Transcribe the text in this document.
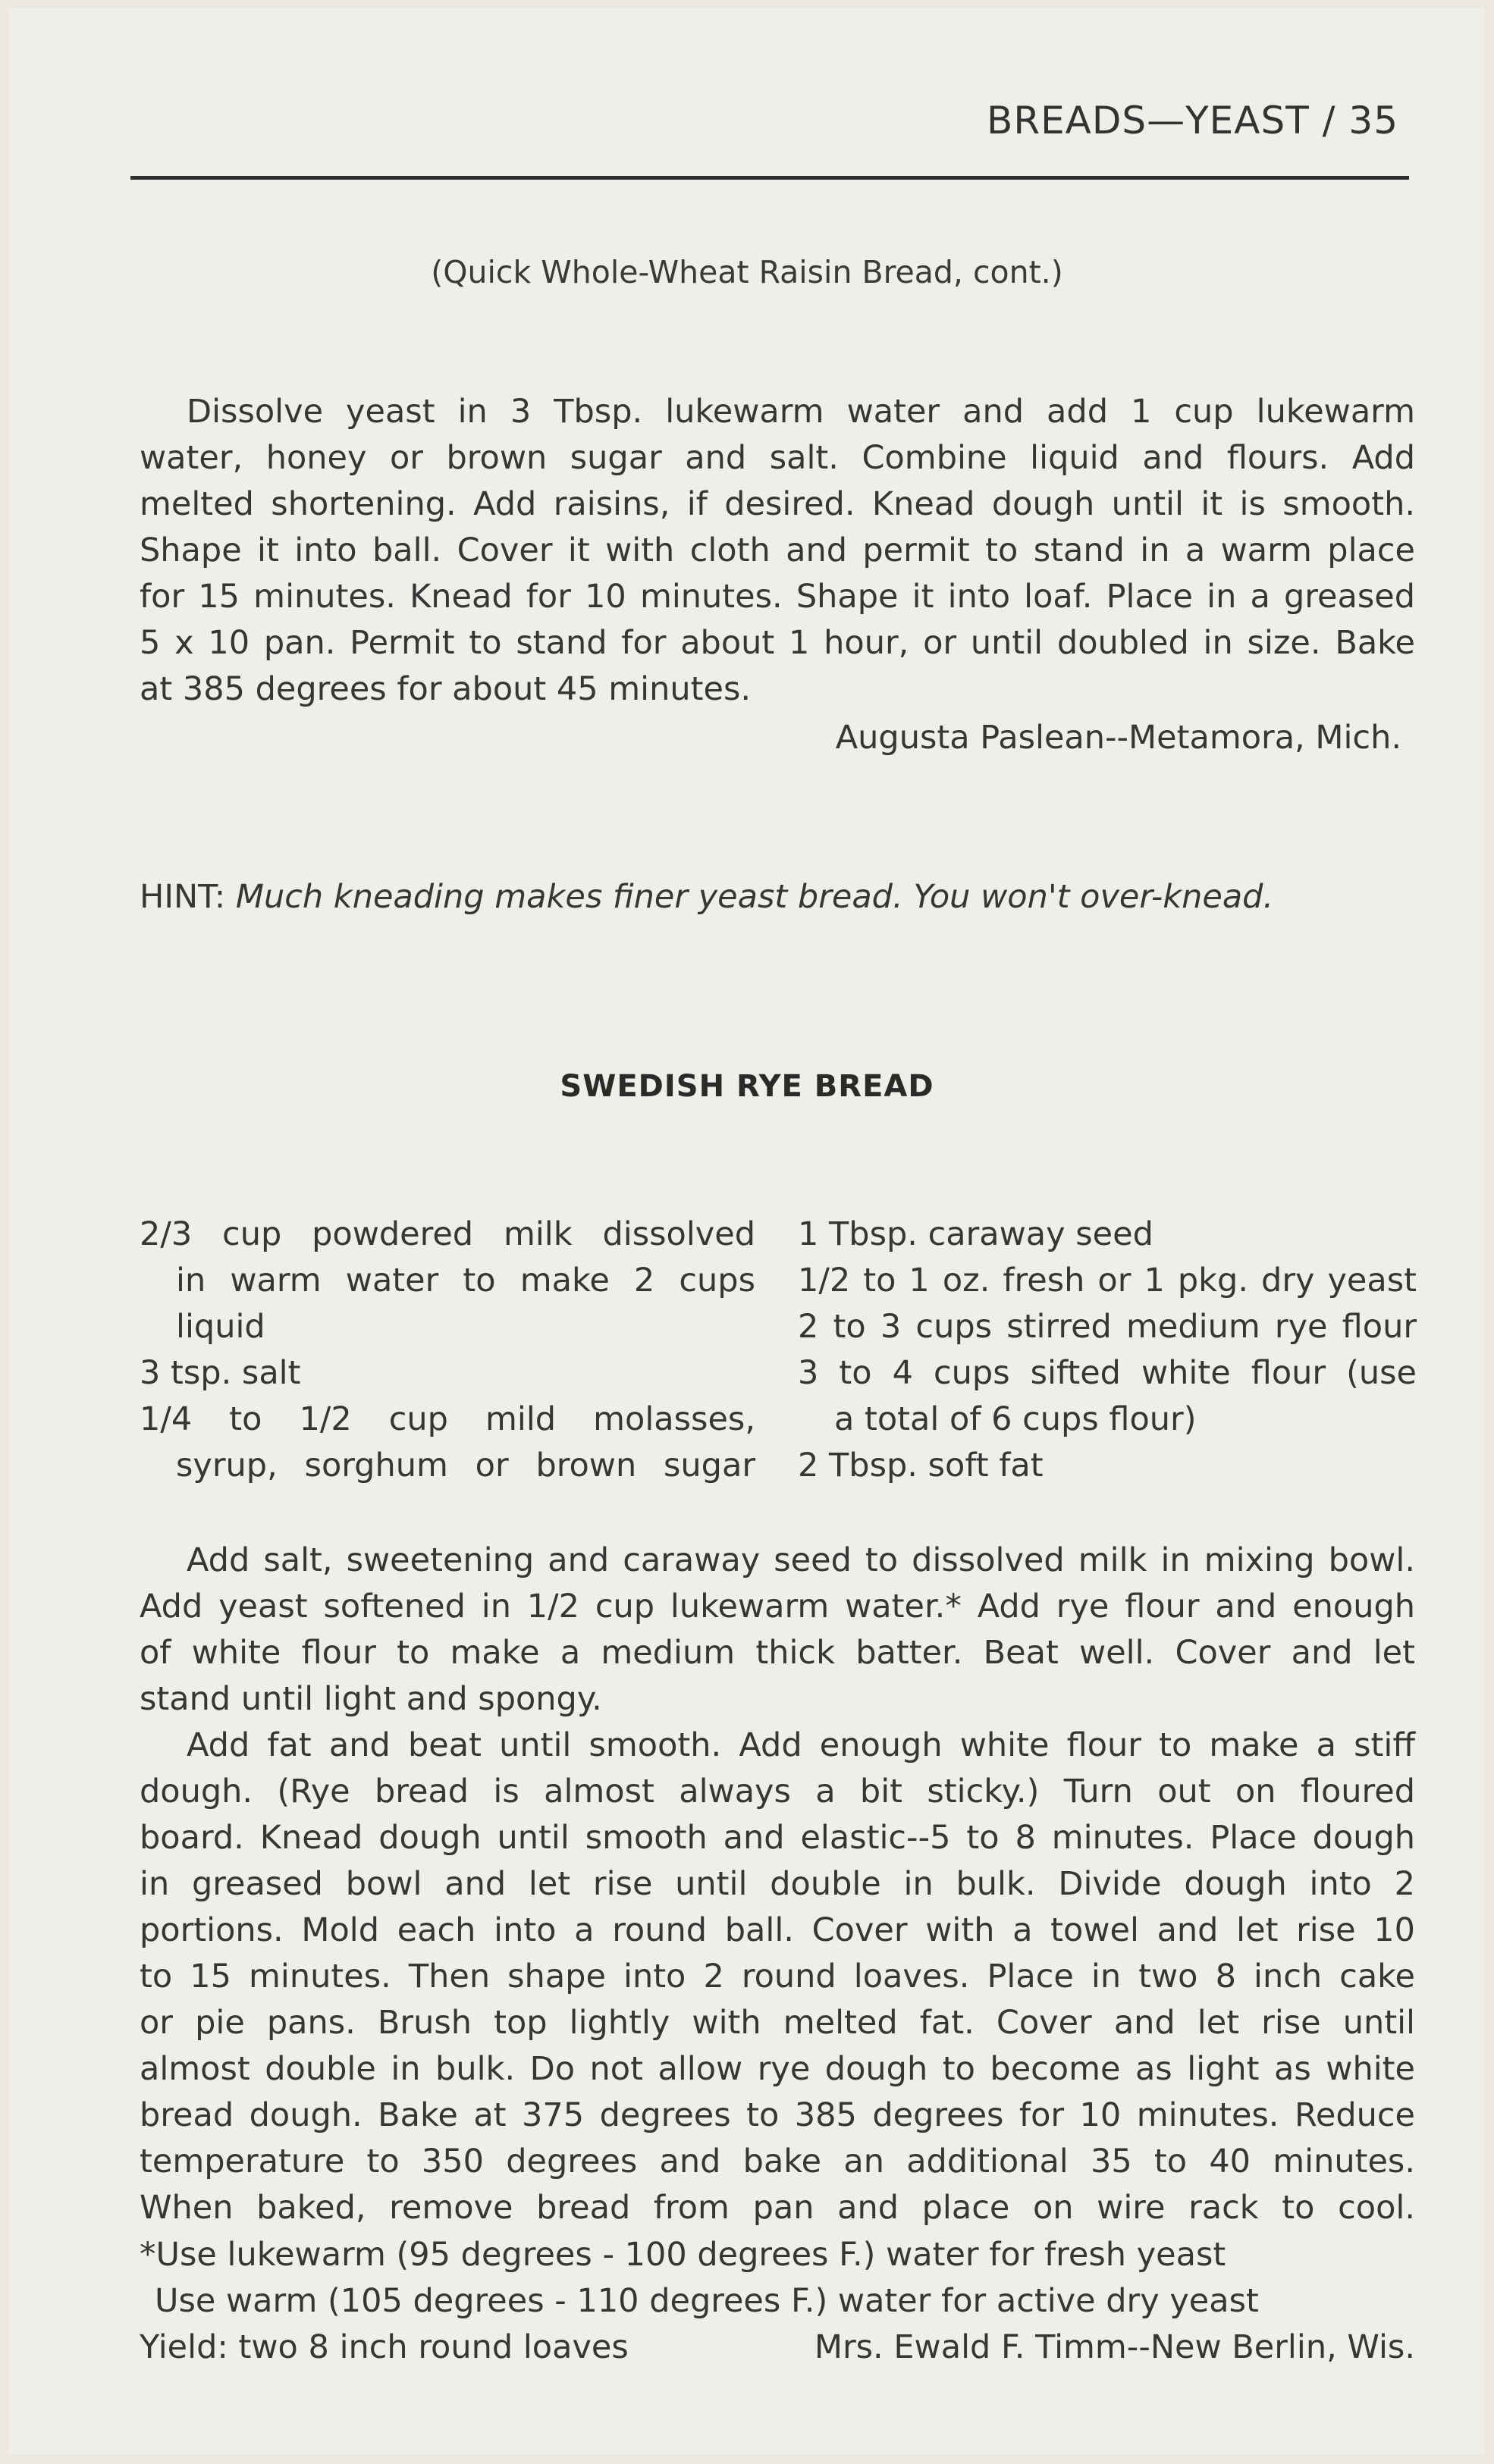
BREADS—YEAST / 35
(Quick Whole-Wheat Raisin Bread, cont.)
Dissolve yeast in 3 Tbsp. lukewarm water and add 1 cup lukewarm
water, honey or brown sugar and salt. Combine liquid and flours. Add
melted shortening. Add raisins, if desired. Knead dough until it is smooth.
Shape it into ball. Cover it with cloth and permit to stand in a warm place
for 15 minutes. Knead for 10 minutes. Shape it into loaf. Place in a greased
5 x 10 pan. Permit to stand for about 1 hour, or until doubled in size. Bake
at 385 degrees for about 45 minutes.
Augusta Paslean--Metamora, Mich.
HINT: Much kneading makes finer yeast bread. You won't over-knead.
SWEDISH RYE BREAD
2/3 cup powdered milk dissolved
in warm water to make 2 cups
liquid
3 tsp. salt
1/4 to 1/2 cup mild molasses,
syrup, sorghum or brown sugar
1 Tbsp. caraway seed
1/2 to 1 oz. fresh or 1 pkg. dry yeast
2 to 3 cups stirred medium rye flour
3 to 4 cups sifted white flour (use
a total of 6 cups flour)
2 Tbsp. soft fat
Add salt, sweetening and caraway seed to dissolved milk in mixing bowl.
Add yeast softened in 1/2 cup lukewarm water.* Add rye flour and enough
of white flour to make a medium thick batter. Beat well. Cover and let
stand until light and spongy.
Add fat and beat until smooth. Add enough white flour to make a stiff
dough. (Rye bread is almost always a bit sticky.) Turn out on floured
board. Knead dough until smooth and elastic--5 to 8 minutes. Place dough
in greased bowl and let rise until double in bulk. Divide dough into 2
portions. Mold each into a round ball. Cover with a towel and let rise 10
to 15 minutes. Then shape into 2 round loaves. Place in two 8 inch cake
or pie pans. Brush top lightly with melted fat. Cover and let rise until
almost double in bulk. Do not allow rye dough to become as light as white
bread dough. Bake at 375 degrees to 385 degrees for 10 minutes. Reduce
temperature to 350 degrees and bake an additional 35 to 40 minutes.
When baked, remove bread from pan and place on wire rack to cool.
*Use lukewarm (95 degrees - 100 degrees F.) water for fresh yeast
Use warm (105 degrees - 110 degrees F.) water for active dry yeast
Yield: two 8 inch round loaves	Mrs. Ewald F. Timm--New Berlin, Wis.
